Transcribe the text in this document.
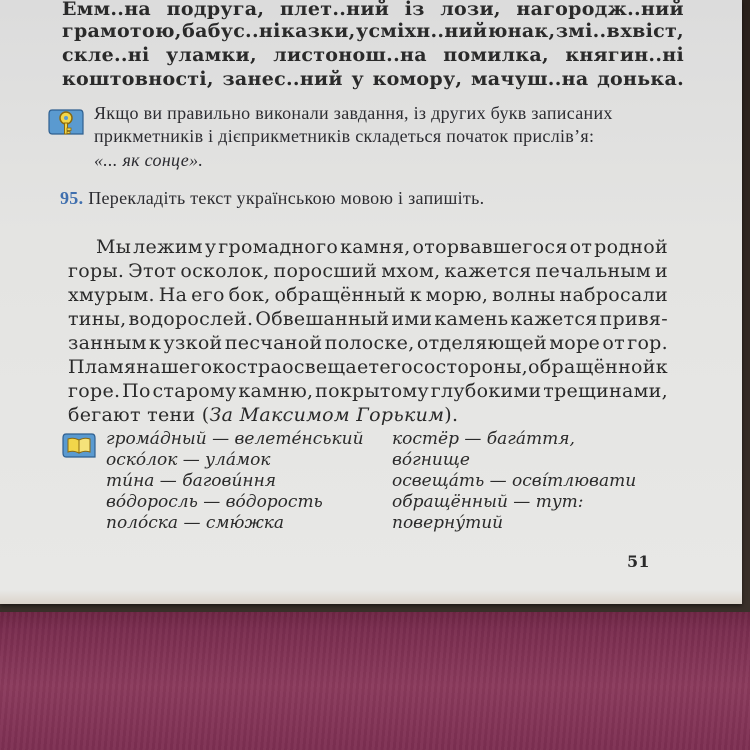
Емм..на подруга, плет..ний із лози, нагородж..ний
грамотою, бабус..ні казки, усміхн..ний юнак, змі..в хвіст,
скле..ні уламки, листонош..на помилка, княгин..ні
коштовності, занес..ний у комору, мачуш..на донька.
Якщо ви правильно виконали завдання, із других букв записаних
прикметників і дієприкметників складеться початок прислів’я:
«... як сонце».
95. Перекладіть текст українською мовою і запишіть.
Мы лежим у громадного камня, оторвавшегося от родной
горы. Этот осколок, поросший мхом, кажется печальным и
хмурым. На его бок, обращённый к морю, волны набросали
тины, водорослей. Обвешанный ими камень кажется привя-
занным к узкой песчаной полоске, отделяющей море от гор.
Пламя нашего костра освещает его со стороны, обращённой к
горе. По старому камню, покрытому глубокими трещинами,
бегают тени (За Максимом Горьким).
грома́дный — велете́нський
оско́лок — ула́мок
ти́на — багови́ння
во́доросль — во́дорость
поло́ска — смю́жка
костёр — бага́ття,
во́гнище
освеща́ть — осві́тлювати
обращённый — тут:
поверну́тий
51
